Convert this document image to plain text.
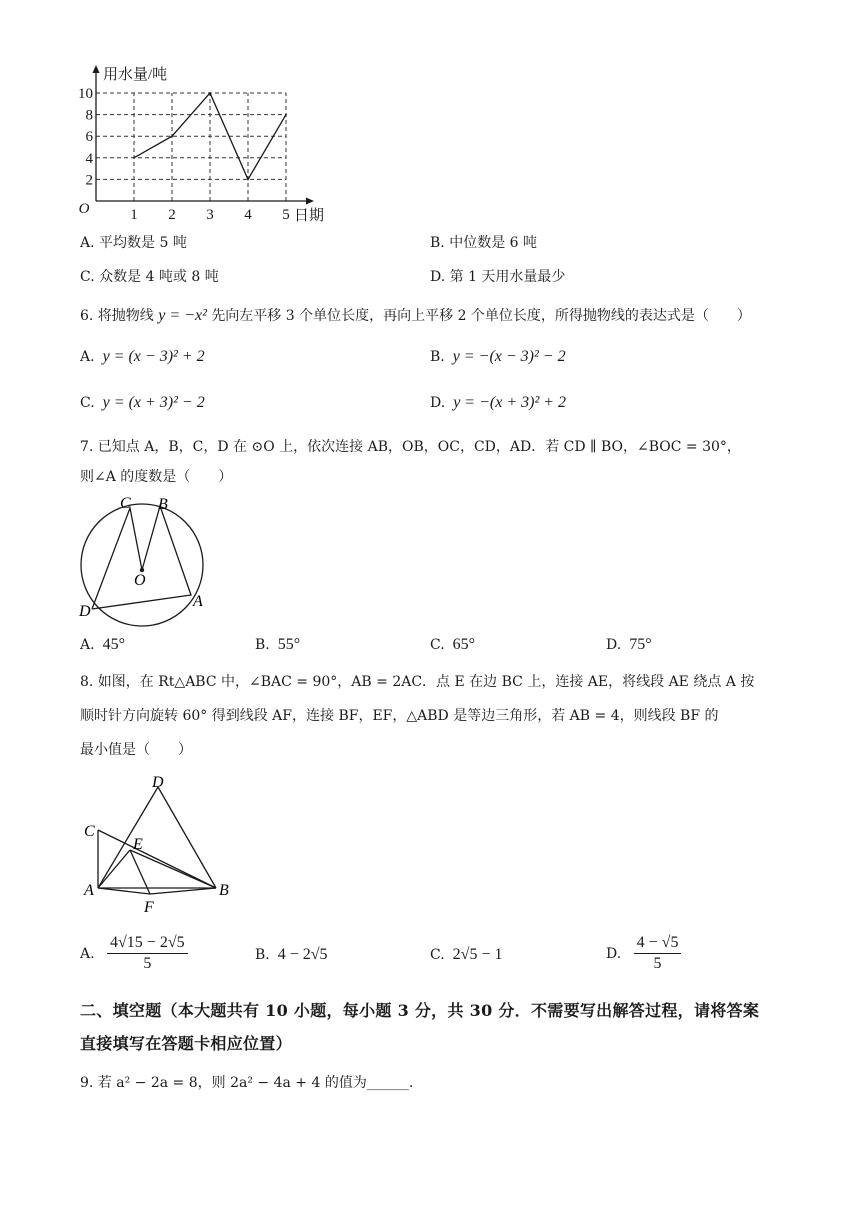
1 2 3 4 5
2
4
6
8
10
O
用水量/吨
日期
A. 平均数是 5 吨	B. 中位数是 6 吨
C. 众数是 4 吨或 8 吨	D. 第 1 天用水量最少
6. 将抛物线 y = −x² 先向左平移 3 个单位长度，再向上平移 2 个单位长度，所得抛物线的表达式是（　　）
A. y = (x − 3)² + 2	B. y = −(x − 3)² − 2
C. y = (x + 3)² − 2	D. y = −(x + 3)² + 2
7. 已知点 A，B，C，D 在 ⊙O 上，依次连接 AB，OB，OC，CD，AD．若 CD ∥ BO，∠BOC = 30°，
则∠A 的度数是（　　）
C B
O
D
A
A. 45°	B. 55°	C. 65°	D. 75°
8. 如图，在 Rt△ABC 中，∠BAC = 90°，AB = 2AC．点 E 在边 BC 上，连接 AE，将线段 AE 绕点 A 按
顺时针方向旋转 60° 得到线段 AF，连接 BF，EF，△ABD 是等边三角形，若 AB = 4，则线段 BF 的
最小值是（　　）
D
C
E
A	B
F
A. $\frac{4√15 - 2√5}{5}$	B. 4 − 2√5	C. 2√5 − 1	D. $\frac{4 - √5}{5}$
二、填空题（本大题共有 10 小题，每小题 3 分，共 30 分．不需要写出解答过程，请将答案
直接填写在答题卡相应位置）
9. 若 a² − 2a = 8，则 2a² − 4a + 4 的值为______.
